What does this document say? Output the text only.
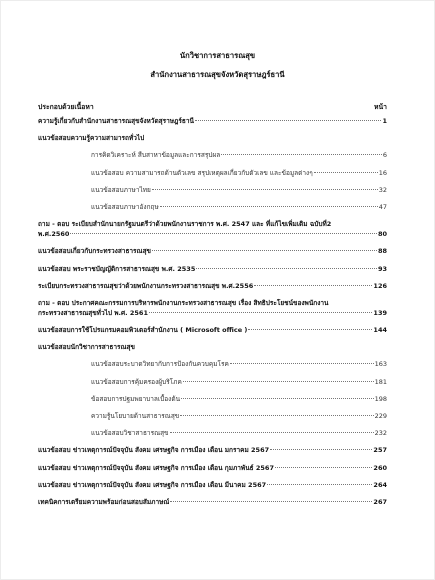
นักวิชาการสาธารณสุข
สำนักงานสาธารณสุขจังหวัดสุราษฎร์ธานี
ประกอบด้วยเนื้อหา	หน้า
ความรู้เกี่ยวกับสำนักงานสาธารณสุขจังหวัดสุราษฎร์ธานี	1
แนวข้อสอบความรู้ความสามารถทั่วไป
การคิดวิเคราะห์ สืบสาหาข้อมูลและการสรุปผล	6
แนวข้อสอบ ความสามารถด้านตัวเลข สรุปเหตุผลเกี่ยวกับตัวเลข และข้อมูลต่างๆ	16
แนวข้อสอบภาษาไทย	32
แนวข้อสอบภาษาอังกฤษ	47
ถาม - ตอบ ระเบียบสำนักนายกรัฐมนตรีว่าด้วยพนักงานราชการ พ.ศ. 2547 และ ที่แก้ไขเพิ่มเติม ฉบับที่2
พ.ศ.2560	80
แนวข้อสอบเกี่ยวกับกระทรวงสาธารณสุข	88
แนวข้อสอบ พระราชบัญญัติการสาธารณสุข พ.ศ. 2535	93
ระเบียบกระทรวงสาธารณสุขว่าด้วยพนักงานกระทรวงสาธารณสุข พ.ศ.2556	126
ถาม - ตอบ ประกาศคณะกรรมการบริหารพนักงานกระทรวงสาธารณสุข เรื่อง สิทธิประโยชน์ของพนักงาน
กระทรวงสาธารณสุขทั่วไป พ.ศ. 2561	139
แนวข้อสอบการใช้โปรแกรมคอมพิวเตอร์สำนักงาน ( Microsoft office )	144
แนวข้อสอบนักวิชาการสาธารณสุข
แนวข้อสอบระบาดวิทยากับการป้องกันควบคุมโรค	163
แนวข้อสอบการคุ้มครองผู้บริโภค	181
ข้อสอบการปฐมพยาบาลเบื้องต้น	198
ความรู้นโยบายด้านสาธารณสุข	229
แนวข้อสอบวิชาสาธารณสุข	232
แนวข้อสอบ ข่าวเหตุการณ์ปัจจุบัน สังคม เศรษฐกิจ การเมือง เดือน มกราคม 2567	257
แนวข้อสอบ ข่าวเหตุการณ์ปัจจุบัน สังคม เศรษฐกิจ การเมือง เดือน กุมภาพันธ์ 2567	260
แนวข้อสอบ ข่าวเหตุการณ์ปัจจุบัน สังคม เศรษฐกิจ การเมือง เดือน มีนาคม 2567	264
เทคนิคการเตรียมความพร้อมก่อนสอบสัมภาษณ์	267
